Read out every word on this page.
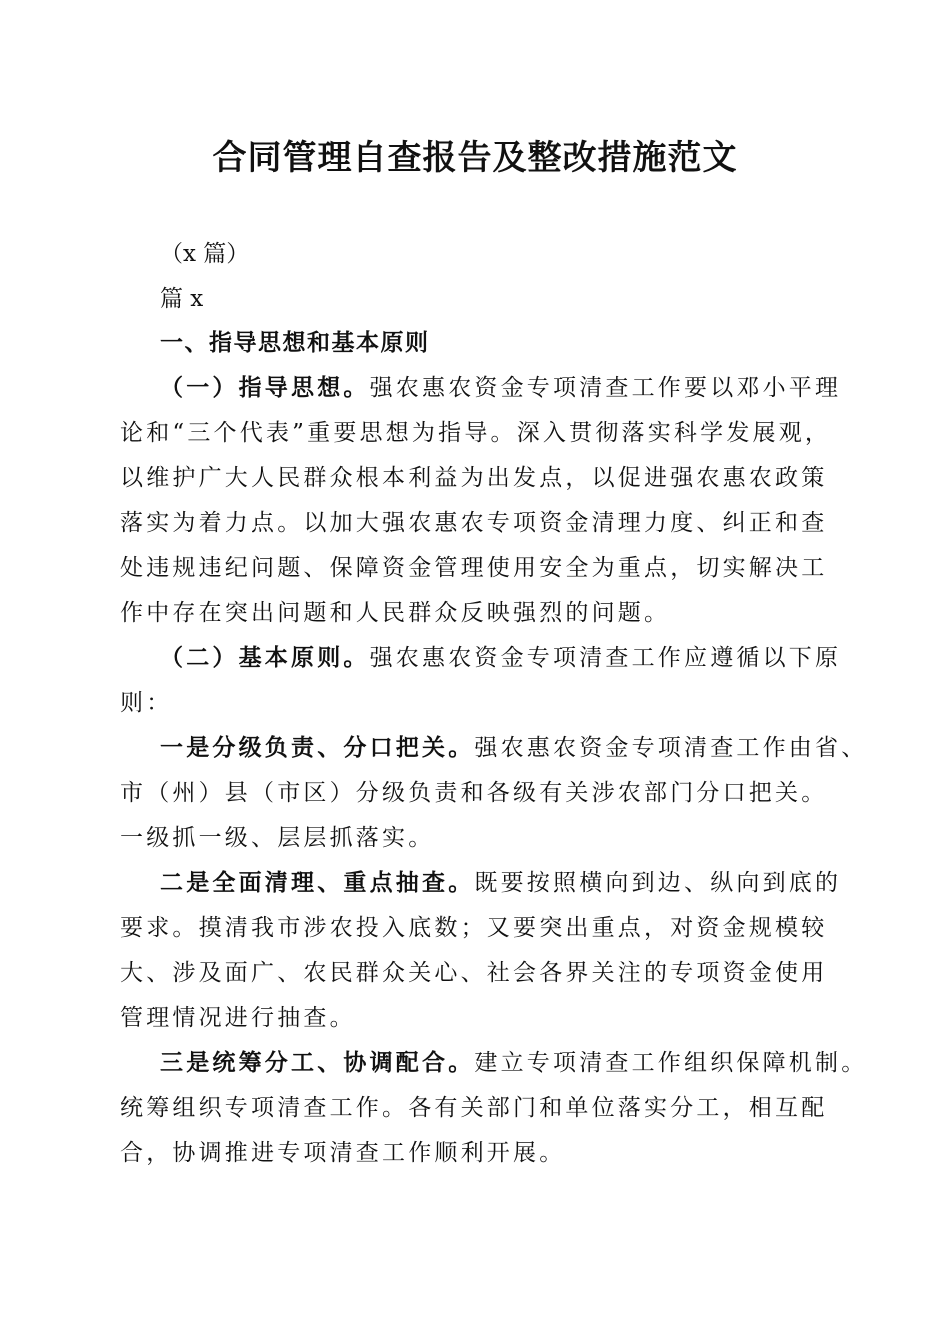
合同管理自查报告及整改措施范文

（x 篇）

篇 x

一、指导思想和基本原则

（一）指导思想。强农惠农资金专项清查工作要以邓小平理

论和“三个代表”重要思想为指导。深入贯彻落实科学发展观，

以维护广大人民群众根本利益为出发点，以促进强农惠农政策

落实为着力点。以加大强农惠农专项资金清理力度、纠正和查

处违规违纪问题、保障资金管理使用安全为重点，切实解决工

作中存在突出问题和人民群众反映强烈的问题。

（二）基本原则。强农惠农资金专项清查工作应遵循以下原

则：

一是分级负责、分口把关。强农惠农资金专项清查工作由省、

市（州）县（市区）分级负责和各级有关涉农部门分口把关。

一级抓一级、层层抓落实。

二是全面清理、重点抽查。既要按照横向到边、纵向到底的

要求。摸清我市涉农投入底数；又要突出重点，对资金规模较

大、涉及面广、农民群众关心、社会各界关注的专项资金使用

管理情况进行抽查。

三是统筹分工、协调配合。建立专项清查工作组织保障机制。

统筹组织专项清查工作。各有关部门和单位落实分工，相互配

合，协调推进专项清查工作顺利开展。
